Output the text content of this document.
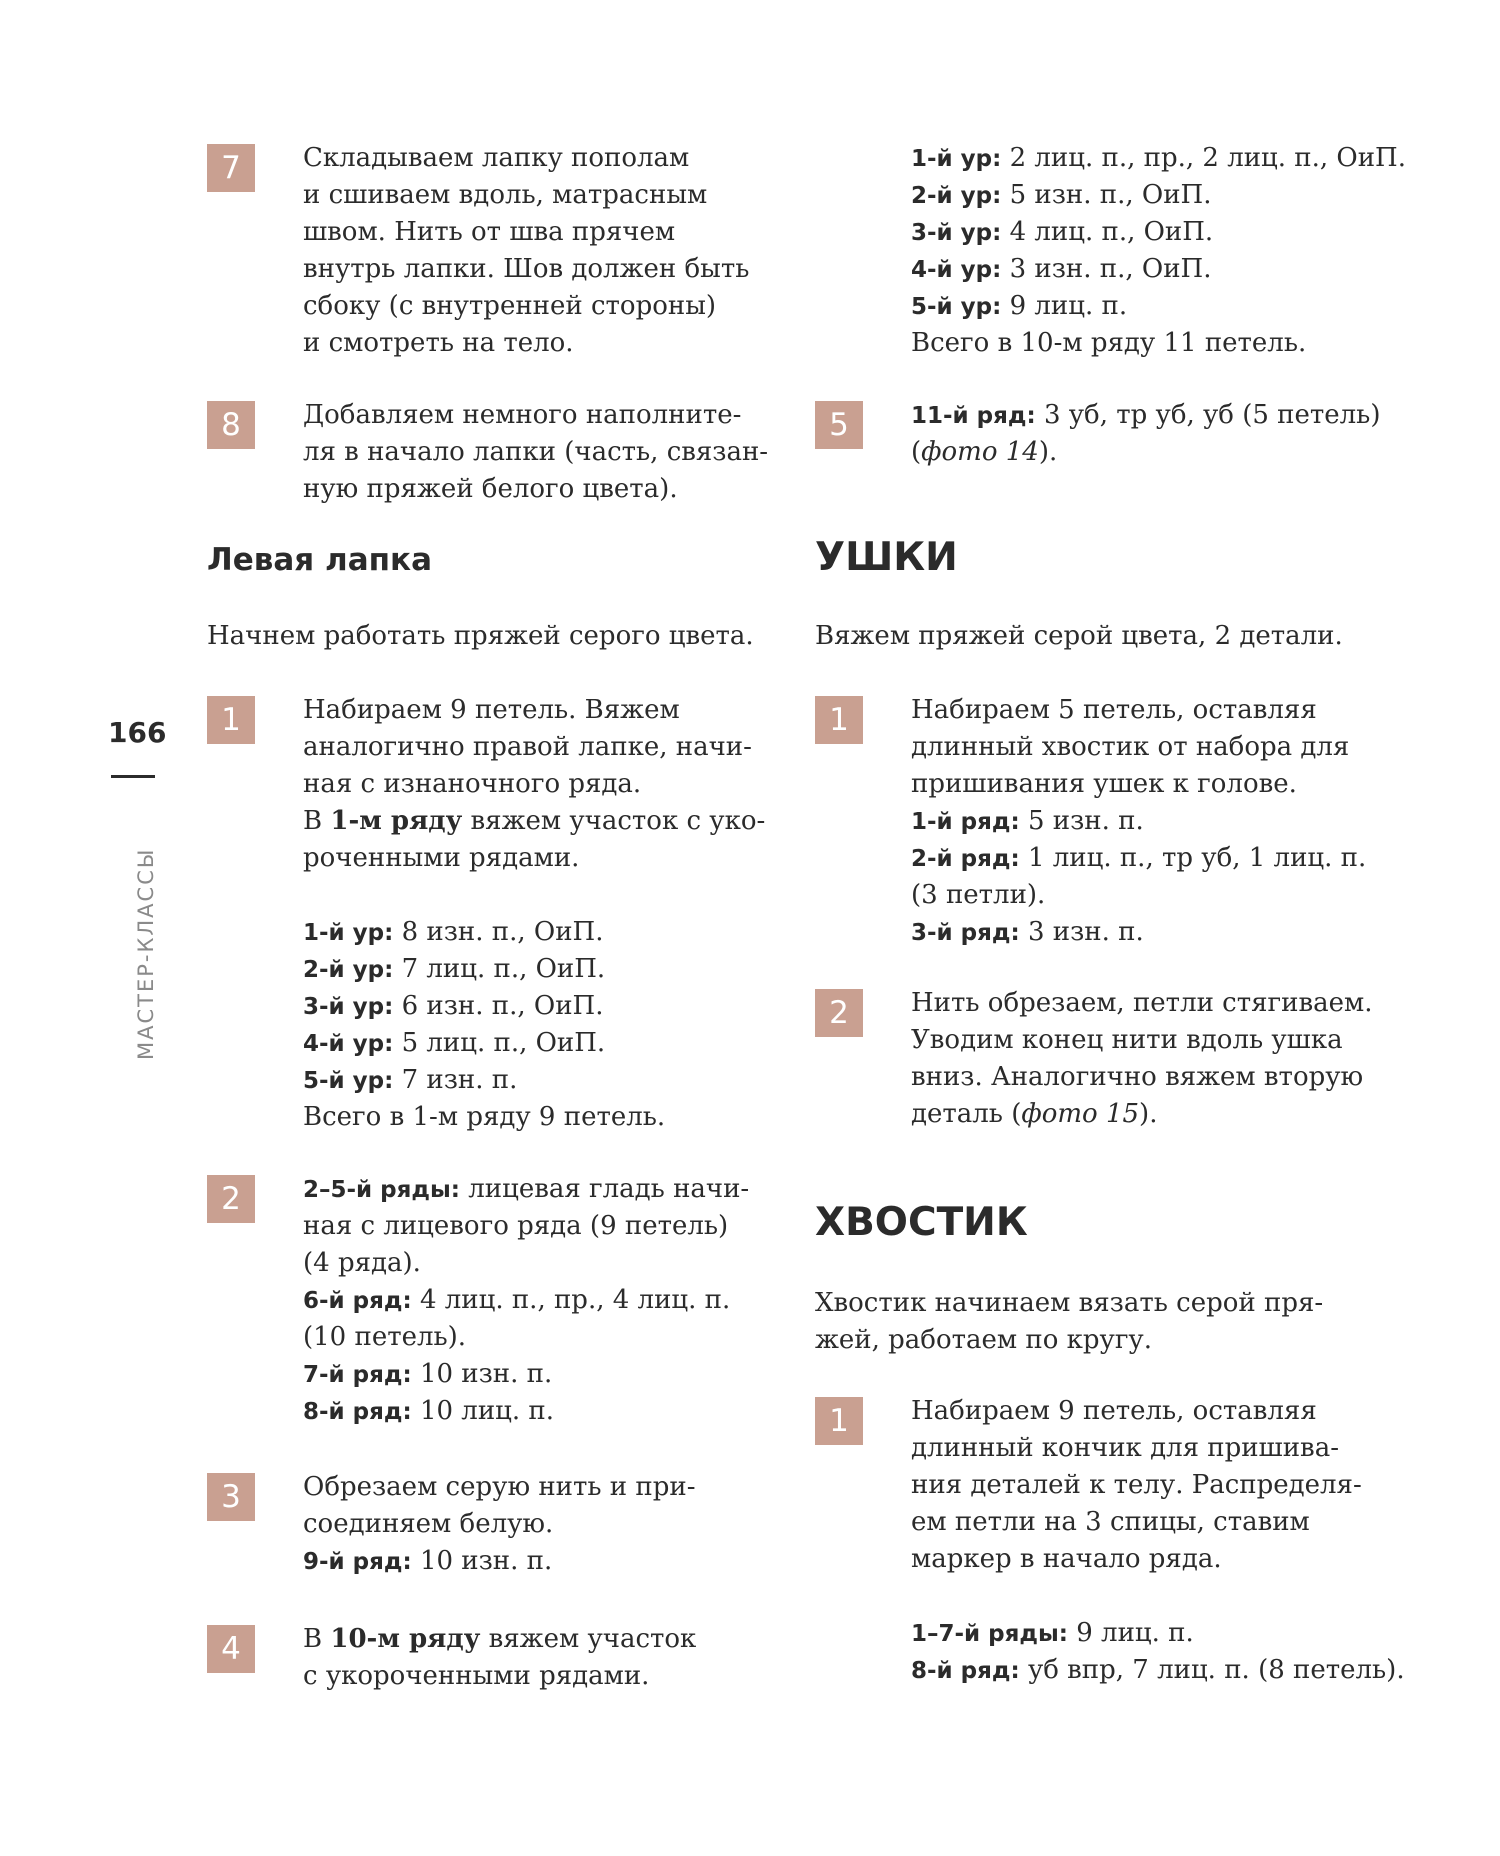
166
МАСТЕР-КЛАССЫ
7	Складываем лапку пополам
и сшиваем вдоль, матрасным
швом. Нить от шва прячем
внутрь лапки. Шов должен быть
сбоку (с внутренней стороны)
и смотреть на тело.
8	Добавляем немного наполните-
ля в начало лапки (часть, связан-
ную пряжей белого цвета).
Левая лапка
Начнем работать пряжей серого цвета.
1	Набираем 9 петель. Вяжем
аналогично правой лапке, начи-
ная с изнаночного ряда.
В 1-м ряду вяжем участок с уко-
роченными рядами.
1-й ур: 8 изн. п., ОиП.
2-й ур: 7 лиц. п., ОиП.
3-й ур: 6 изн. п., ОиП.
4-й ур: 5 лиц. п., ОиП.
5-й ур: 7 изн. п.
Всего в 1-м ряду 9 петель.
2	2–5-й ряды: лицевая гладь начи-
ная с лицевого ряда (9 петель)
(4 ряда).
6-й ряд: 4 лиц. п., пр., 4 лиц. п.
(10 петель).
7-й ряд: 10 изн. п.
8-й ряд: 10 лиц. п.
3	Обрезаем серую нить и при-
соединяем белую.
9-й ряд: 10 изн. п.
4	В 10-м ряду вяжем участок
с укороченными рядами.
1-й ур: 2 лиц. п., пр., 2 лиц. п., ОиП.
2-й ур: 5 изн. п., ОиП.
3-й ур: 4 лиц. п., ОиП.
4-й ур: 3 изн. п., ОиП.
5-й ур: 9 лиц. п.
Всего в 10-м ряду 11 петель.
5	11-й ряд: 3 уб, тр уб, уб (5 петель)
(фото 14).
УШКИ
Вяжем пряжей серой цвета, 2 детали.
1	Набираем 5 петель, оставляя
длинный хвостик от набора для
пришивания ушек к голове.
1-й ряд: 5 изн. п.
2-й ряд: 1 лиц. п., тр уб, 1 лиц. п.
(3 петли).
3-й ряд: 3 изн. п.
2	Нить обрезаем, петли стягиваем.
Уводим конец нити вдоль ушка
вниз. Аналогично вяжем вторую
деталь (фото 15).
ХВОСТИК
Хвостик начинаем вязать серой пря-
жей, работаем по кругу.
1	Набираем 9 петель, оставляя
длинный кончик для пришива-
ния деталей к телу. Распределя-
ем петли на 3 спицы, ставим
маркер в начало ряда.
1–7-й ряды: 9 лиц. п.
8-й ряд: уб впр, 7 лиц. п. (8 петель).
